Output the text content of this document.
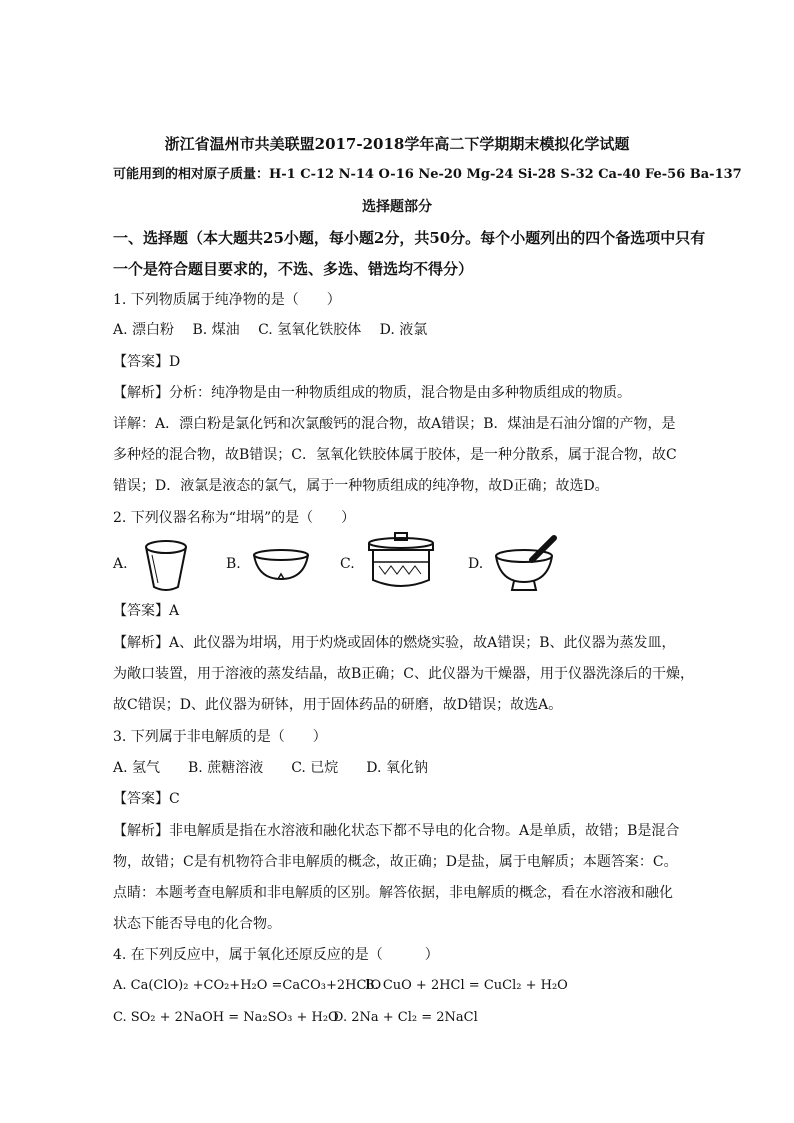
浙江省温州市共美联盟2017-2018学年高二下学期期末模拟化学试题
可能用到的相对原子质量：H-1 C-12 N-14 O-16 Ne-20 Mg-24 Si-28 S-32 Ca-40 Fe-56 Ba-137
选择题部分
一、选择题（本大题共25小题，每小题2分，共50分。每个小题列出的四个备选项中只有
一个是符合题目要求的，不选、多选、错选均不得分）
1. 下列物质属于纯净物的是（　　）
A. 漂白粉　 B. 煤油　 C. 氢氧化铁胶体　 D. 液氯
【答案】D
【解析】分析：纯净物是由一种物质组成的物质，混合物是由多种物质组成的物质。
详解：A．漂白粉是氯化钙和次氯酸钙的混合物，故A错误；B．煤油是石油分馏的产物，是
多种烃的混合物，故B错误；C．氢氧化铁胶体属于胶体，是一种分散系，属于混合物，故C
错误；D．液氯是液态的氯气，属于一种物质组成的纯净物，故D正确；故选D。
2. 下列仪器名称为“坩埚”的是（　　）
A.	B.	C.	D.
【答案】A
【解析】A、此仪器为坩埚，用于灼烧或固体的燃烧实验，故A错误；B、此仪器为蒸发皿，
为敞口装置，用于溶液的蒸发结晶，故B正确；C、此仪器为干燥器，用于仪器洗涤后的干燥，
故C错误；D、此仪器为研钵，用于固体药品的研磨，故D错误；故选A。
3. 下列属于非电解质的是（　　）
A. 氢气　　B. 蔗糖溶液　　C. 已烷　　D. 氧化钠
【答案】C
【解析】非电解质是指在水溶液和融化状态下都不导电的化合物。A是单质，故错；B是混合
物，故错；C是有机物符合非电解质的概念，故正确；D是盐，属于电解质；本题答案：C。
点睛：本题考查电解质和非电解质的区别。解答依据，非电解质的概念，看在水溶液和融化
状态下能否导电的化合物。
4. 在下列反应中，属于氧化还原反应的是（　　　）
A. Ca(ClO)₂ +CO₂+H₂O =CaCO₃+2HClO
B. CuO + 2HCl = CuCl₂ + H₂O
C. SO₂ + 2NaOH = Na₂SO₃ + H₂O
D. 2Na + Cl₂ = 2NaCl
